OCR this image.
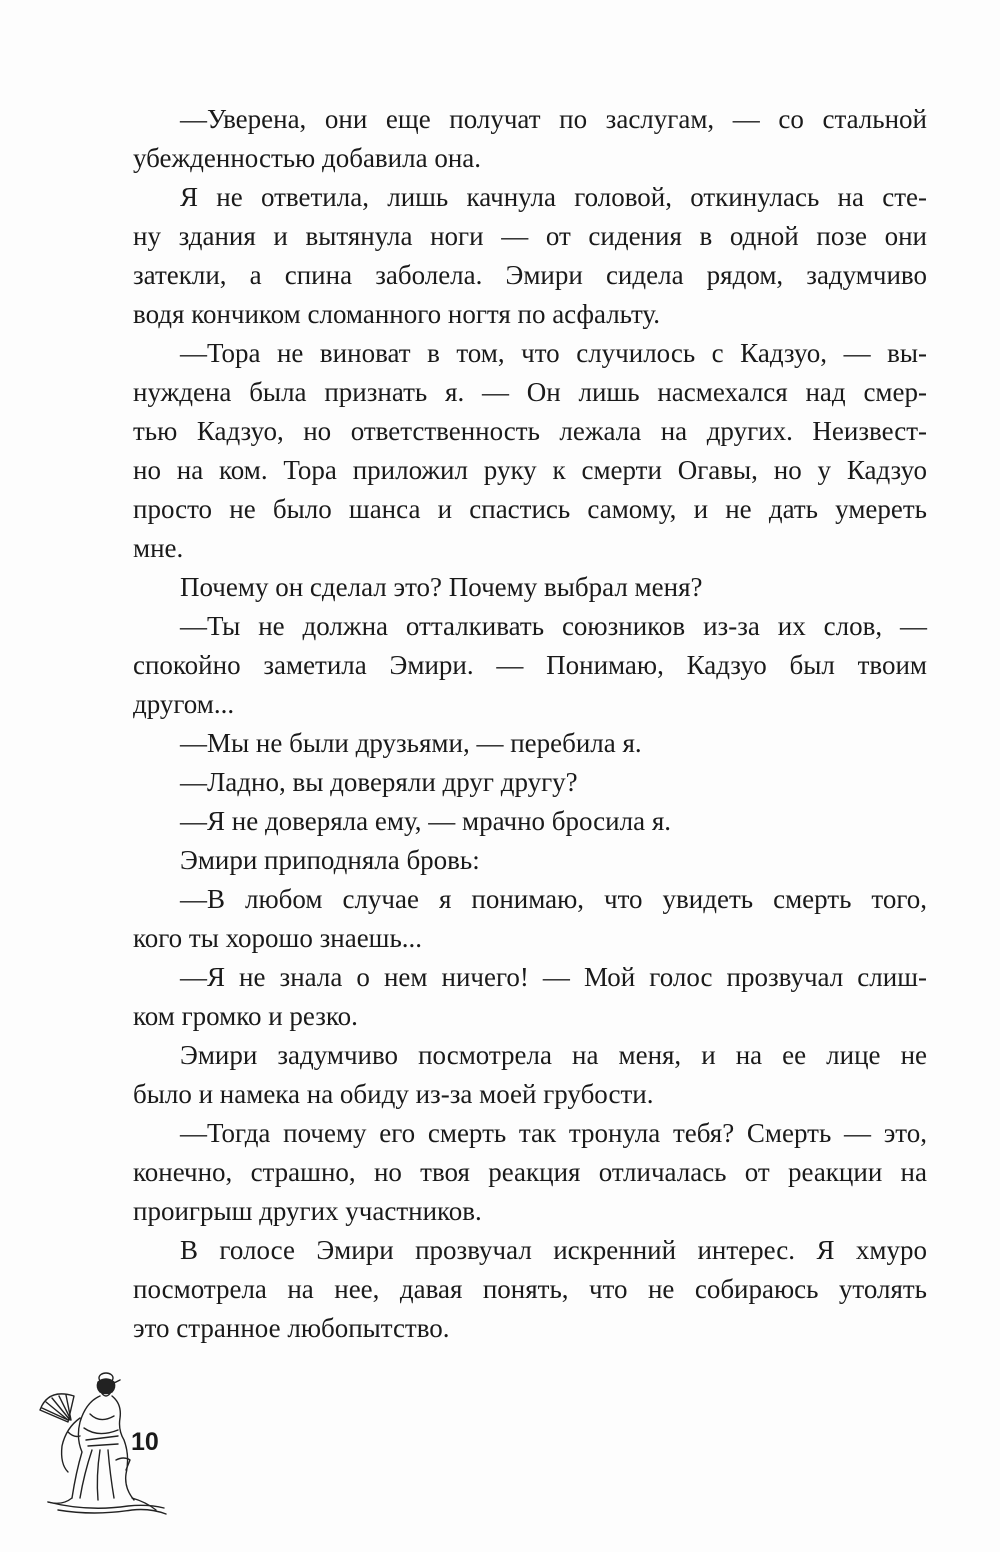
—Уверена, они еще получат по заслугам, — со стальной
убежденностью добавила она.
Я не ответила, лишь качнула головой, откинулась на сте-
ну здания и вытянула ноги — от сидения в одной позе они
затекли, а спина заболела. Эмири сидела рядом, задумчиво
водя кончиком сломанного ногтя по асфальту.
—Тора не виноват в том, что случилось с Кадзуо, — вы-
нуждена была признать я. — Он лишь насмехался над смер-
тью Кадзуо, но ответственность лежала на других. Неизвест-
но на ком. Тора приложил руку к смерти Огавы, но у Кадзуо
просто не было шанса и спастись самому, и не дать умереть
мне.
Почему он сделал это? Почему выбрал меня?
—Ты не должна отталкивать союзников из-за их слов, —
спокойно заметила Эмири. — Понимаю, Кадзуо был твоим
другом...
—Мы не были друзьями, — перебила я.
—Ладно, вы доверяли друг другу?
—Я не доверяла ему, — мрачно бросила я.
Эмири приподняла бровь:
—В любом случае я понимаю, что увидеть смерть того,
кого ты хорошо знаешь...
—Я не знала о нем ничего! — Мой голос прозвучал слиш-
ком громко и резко.
Эмири задумчиво посмотрела на меня, и на ее лице не
было и намека на обиду из-за моей грубости.
—Тогда почему его смерть так тронула тебя? Смерть — это,
конечно, страшно, но твоя реакция отличалась от реакции на
проигрыш других участников.
В голосе Эмири прозвучал искренний интерес. Я хмуро
посмотрела на нее, давая понять, что не собираюсь утолять
это странное любопытство.
10
